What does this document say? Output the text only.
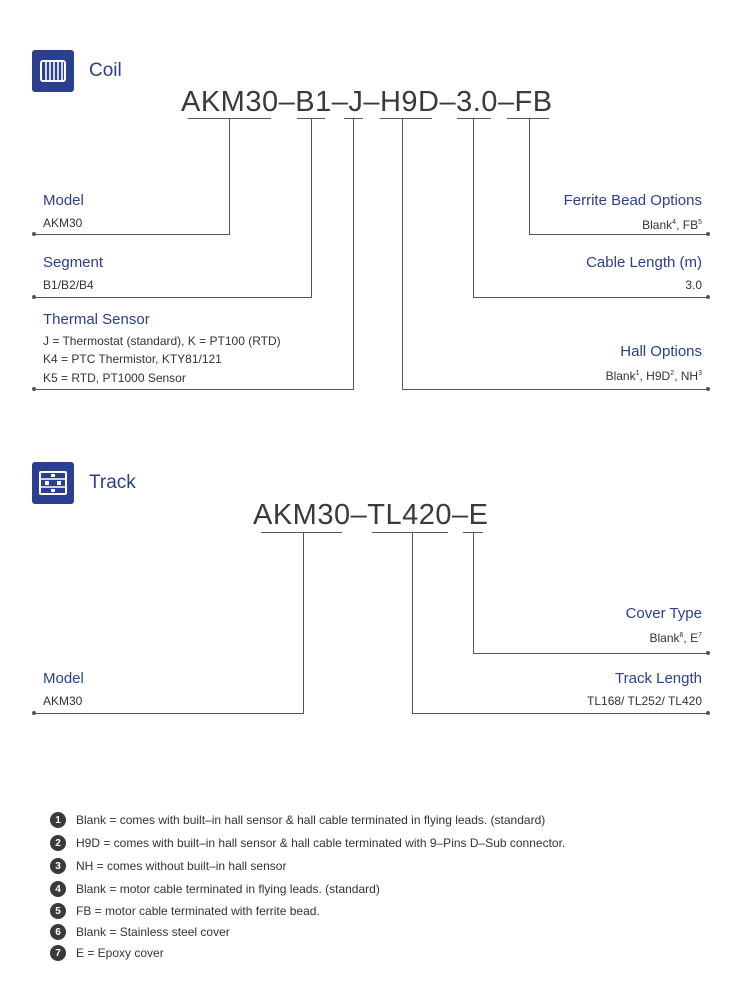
Coil
AKM30–B1–J–H9D–3.0–FB
Model
AKM30
Segment
B1/B2/B4
Thermal Sensor
J = Thermostat (standard), K = PT100 (RTD)
K4 = PTC Thermistor, KTY81/121
K5 = RTD, PT1000 Sensor
Ferrite Bead Options
Blank$^4$, $FB^5$
Cable Length (m)
3.0
Hall Options
Blank$^1$, $H9D^2$, $NH^3$
Track
AKM30–TL420–E
Cover Type
Blank$^6$, $E^7$
Model
AKM30
Track Length
TL168/ TL252/ TL420
1	Blank = comes with built–in hall sensor & hall cable terminated in flying leads. (standard)
2	H9D = comes with built–in hall sensor & hall cable terminated with 9–Pins D–Sub connector.
3	NH = comes without built–in hall sensor
4	Blank = motor cable terminated in flying leads. (standard)
5	FB = motor cable terminated with ferrite bead.
6	Blank = Stainless steel cover
7	E = Epoxy cover
